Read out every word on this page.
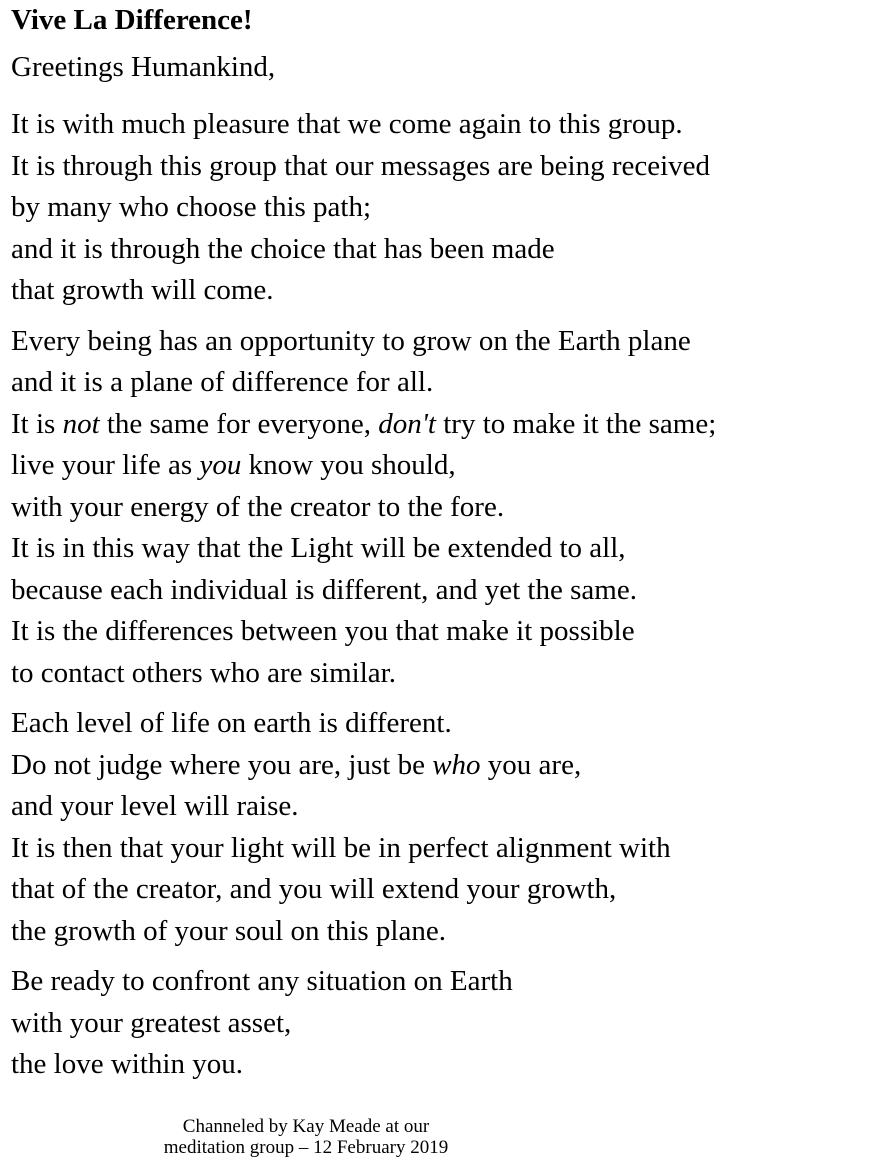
Vive La Difference!
Greetings Humankind,
It is with much pleasure that we come again to this group.
It is through this group that our messages are being received
by many who choose this path;
and it is through the choice that has been made
that growth will come.
Every being has an opportunity to grow on the Earth plane
and it is a plane of difference for all.
It is not the same for everyone, don't try to make it the same;
live your life as you know you should,
with your energy of the creator to the fore.
It is in this way that the Light will be extended to all,
because each individual is different, and yet the same.
It is the differences between you that make it possible
to contact others who are similar.
Each level of life on earth is different.
Do not judge where you are, just be who you are,
and your level will raise.
It is then that your light will be in perfect alignment with
that of the creator, and you will extend your growth,
the growth of your soul on this plane.
Be ready to confront any situation on Earth
with your greatest asset,
the love within you.
Channeled by Kay Meade at our
meditation group – 12 February 2019
